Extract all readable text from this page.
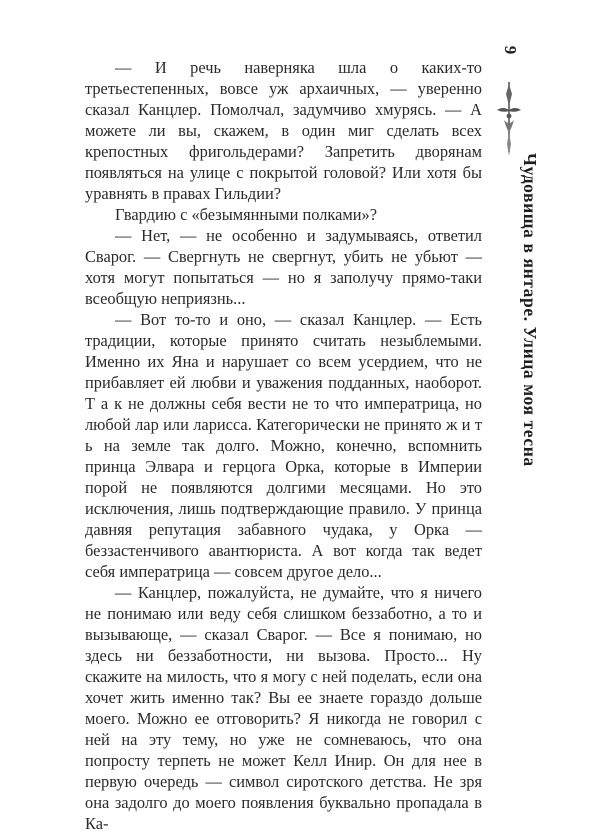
— И речь наверняка шла о каких-то третьестепенных, вовсе уж архаичных, — уверенно сказал Канцлер. Помолчал, задумчиво хмурясь. — А можете ли вы, скажем, в один миг сделать всех крепостных фригольдерами? Запретить дворянам появляться на улице с покрытой головой? Или хотя бы уравнять в правах Гильдии?

Гвардию с «безымянными полками»?

— Нет, — не особенно и задумываясь, ответил Сварог. — Свергнуть не свергнут, убить не убьют — хотя могут попытаться — но я заполучу прямо-таки всеобщую неприязнь...

— Вот то-то и оно, — сказал Канцлер. — Есть традиции, которые принято считать незыблемыми. Именно их Яна и нарушает со всем усердием, что не прибавляет ей любви и уважения подданных, наоборот. Т а к не должны себя вести не то что императрица, но любой лар или ларисса. Категорически не принято ж и т ь на земле так долго. Можно, конечно, вспомнить принца Элвара и герцога Орка, которые в Империи порой не появляются долгими месяцами. Но это исключения, лишь подтверждающие правило. У принца давняя репутация забавного чудака, у Орка — беззастенчивого авантюриста. А вот когда так ведет себя императрица — совсем другое дело...

— Канцлер, пожалуйста, не думайте, что я ничего не понимаю или веду себя слишком беззаботно, а то и вызывающе, — сказал Сварог. — Все я понимаю, но здесь ни беззаботности, ни вызова. Просто... Ну скажите на милость, что я могу с ней поделать, если она хочет жить именно так? Вы ее знаете гораздо дольше моего. Можно ее отговорить? Я никогда не говорил с ней на эту тему, но уже не сомневаюсь, что она попросту терпеть не может Келл Инир. Он для нее в первую очередь — символ сиротского детства. Не зря она задолго до моего появления буквально пропадала в Ка-

9
Чудовища в янтаре. Улица моя тесна
